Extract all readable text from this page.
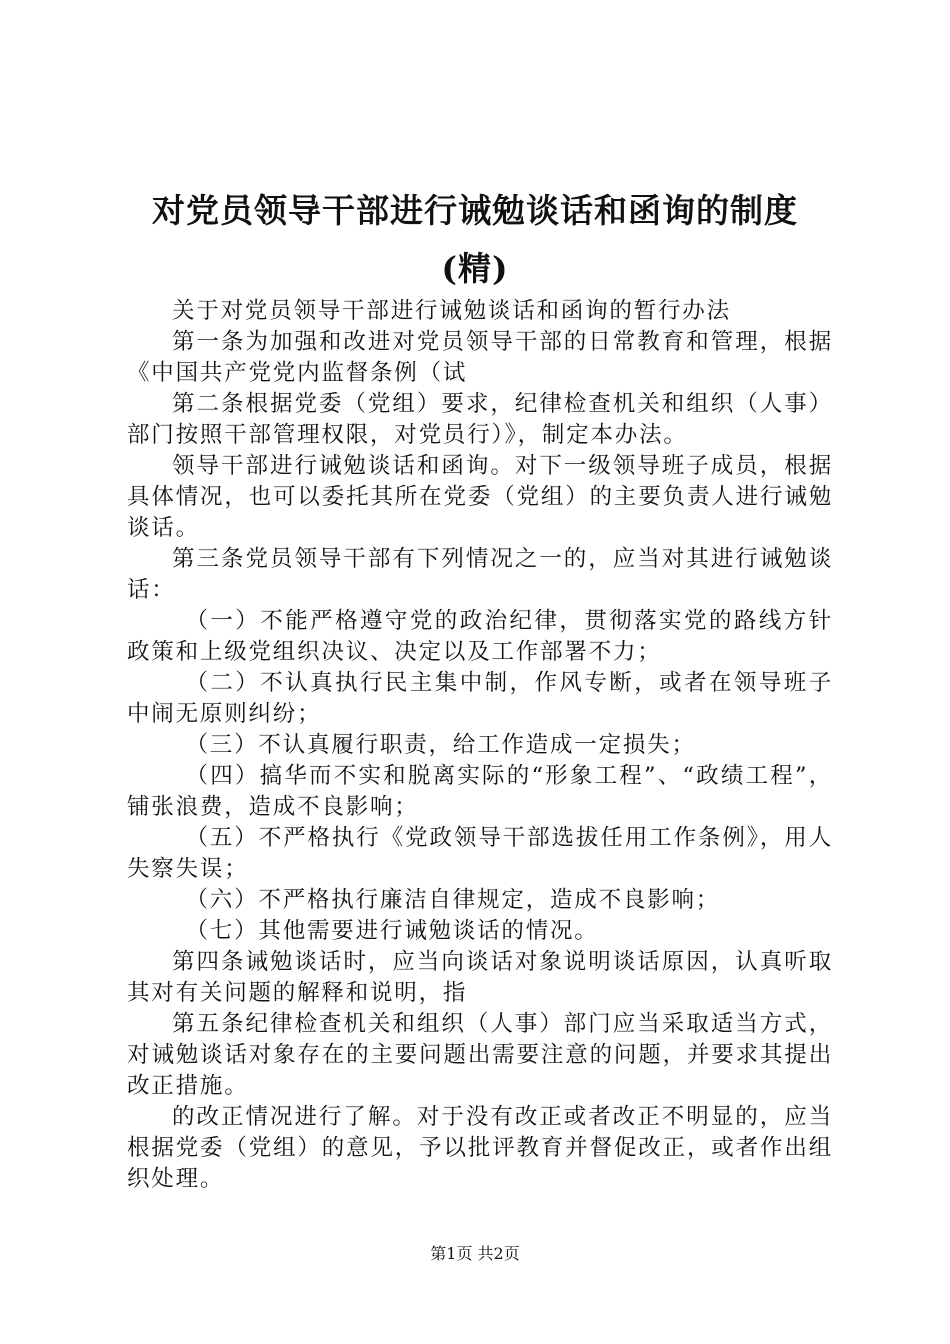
对党员领导干部进行诫勉谈话和函询的制度
(精)

关于对党员领导干部进行诫勉谈话和函询的暂行办法

第一条为加强和改进对党员领导干部的日常教育和管理，根据《中国共产党党内监督条例（试

第二条根据党委（党组）要求，纪律检查机关和组织（人事）部门按照干部管理权限，对党员行）》，制定本办法。

领导干部进行诫勉谈话和函询。对下一级领导班子成员，根据具体情况，也可以委托其所在党委（党组）的主要负责人进行诫勉谈话。

第三条党员领导干部有下列情况之一的，应当对其进行诫勉谈话：

（一）不能严格遵守党的政治纪律，贯彻落实党的路线方针政策和上级党组织决议、决定以及工作部署不力；

（二）不认真执行民主集中制，作风专断，或者在领导班子中闹无原则纠纷；

（三）不认真履行职责，给工作造成一定损失；

（四）搞华而不实和脱离实际的“形象工程”、“政绩工程”，铺张浪费，造成不良影响；

（五）不严格执行《党政领导干部选拔任用工作条例》，用人失察失误；

（六）不严格执行廉洁自律规定，造成不良影响；

（七）其他需要进行诫勉谈话的情况。

第四条诫勉谈话时，应当向谈话对象说明谈话原因，认真听取其对有关问题的解释和说明，指

第五条纪律检查机关和组织（人事）部门应当采取适当方式，对诫勉谈话对象存在的主要问题出需要注意的问题，并要求其提出改正措施。

的改正情况进行了解。对于没有改正或者改正不明显的，应当根据党委（党组）的意见，予以批评教育并督促改正，或者作出组织处理。

第1页 共2页
